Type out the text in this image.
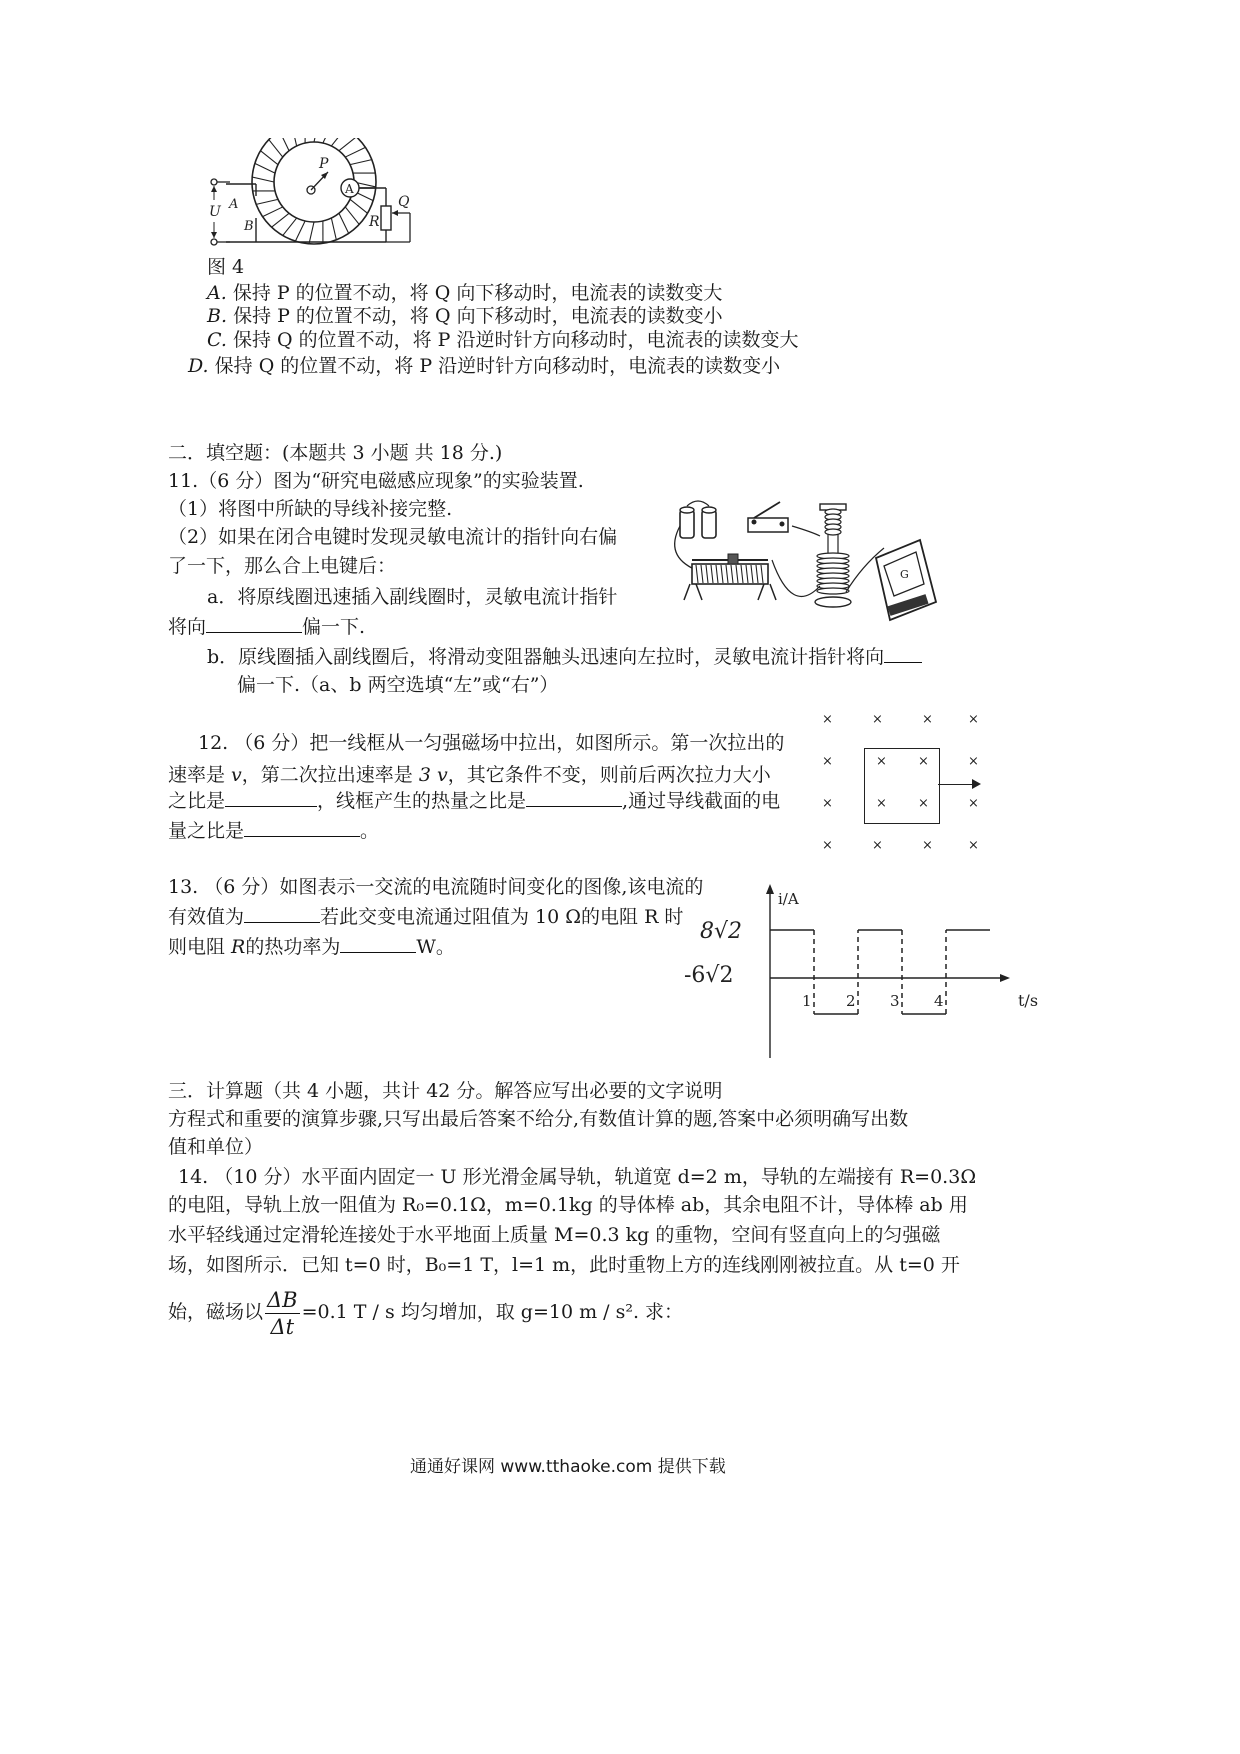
P
A
Q
R
A
B
U
图 4
A. 保持 P 的位置不动，将 Q 向下移动时，电流表的读数变大
B. 保持 P 的位置不动，将 Q 向下移动时，电流表的读数变小
C. 保持 Q 的位置不动，将 P 沿逆时针方向移动时，电流表的读数变大
D. 保持 Q 的位置不动，将 P 沿逆时针方向移动时，电流表的读数变小
二．填空题：(本题共 3 小题 共 18 分.)
11.（6 分）图为“研究电磁感应现象”的实验装置.
（1）将图中所缺的导线补接完整.
（2）如果在闭合电键时发现灵敏电流计的指针向右偏
了一下，那么合上电键后：
a．将原线圈迅速插入副线圈时，灵敏电流计指针
将向	偏一下.
b．原线圈插入副线圈后，将滑动变阻器触头迅速向左拉时，灵敏电流计指针将向
偏一下.（a、b 两空选填“左”或“右”）
G
12. （6 分）把一线框从一匀强磁场中拉出，如图所示。第一次拉出的
速率是 v，第二次拉出速率是 3 v，其它条件不变，则前后两次拉力大小
之比是	，线框产生的热量之比是	,通过导线截面的电
量之比是	。
×	×	×	×
×	× ×	×
×	× ×	×
×	×	×	×
13. （6 分）如图表示一交流的电流随时间变化的图像,该电流的
有效值为	若此交变电流通过阻值为 10 Ω的电阻 R 时
则电阻 R的热功率为	W。
i/A
t/s
8√2
-6√2
1 2 3 4
三．计算题（共 4 小题，共计 42 分。解答应写出必要的文字说明
方程式和重要的演算步骤,只写出最后答案不给分,有数值计算的题,答案中必须明确写出数
值和单位）
14. （10 分）水平面内固定一 U 形光滑金属导轨，轨道宽 d=2 m，导轨的左端接有 R=0.3Ω
的电阻，导轨上放一阻值为 R₀=0.1Ω，m=0.1kg 的导体棒 ab，其余电阻不计，导体棒 ab 用
水平轻线通过定滑轮连接处于水平地面上质量 M=0.3 kg 的重物，空间有竖直向上的匀强磁
场，如图所示．已知 t=0 时，B₀=1 T，l=1 m，此时重物上方的连线刚刚被拉直。从 t=0 开
始，磁场以 $\frac{\Delta B}{\Delta t} =0.1$ T / s 均匀增加，取 g=10 m / s². 求：
通通好课网 www.tthaoke.com 提供下载
